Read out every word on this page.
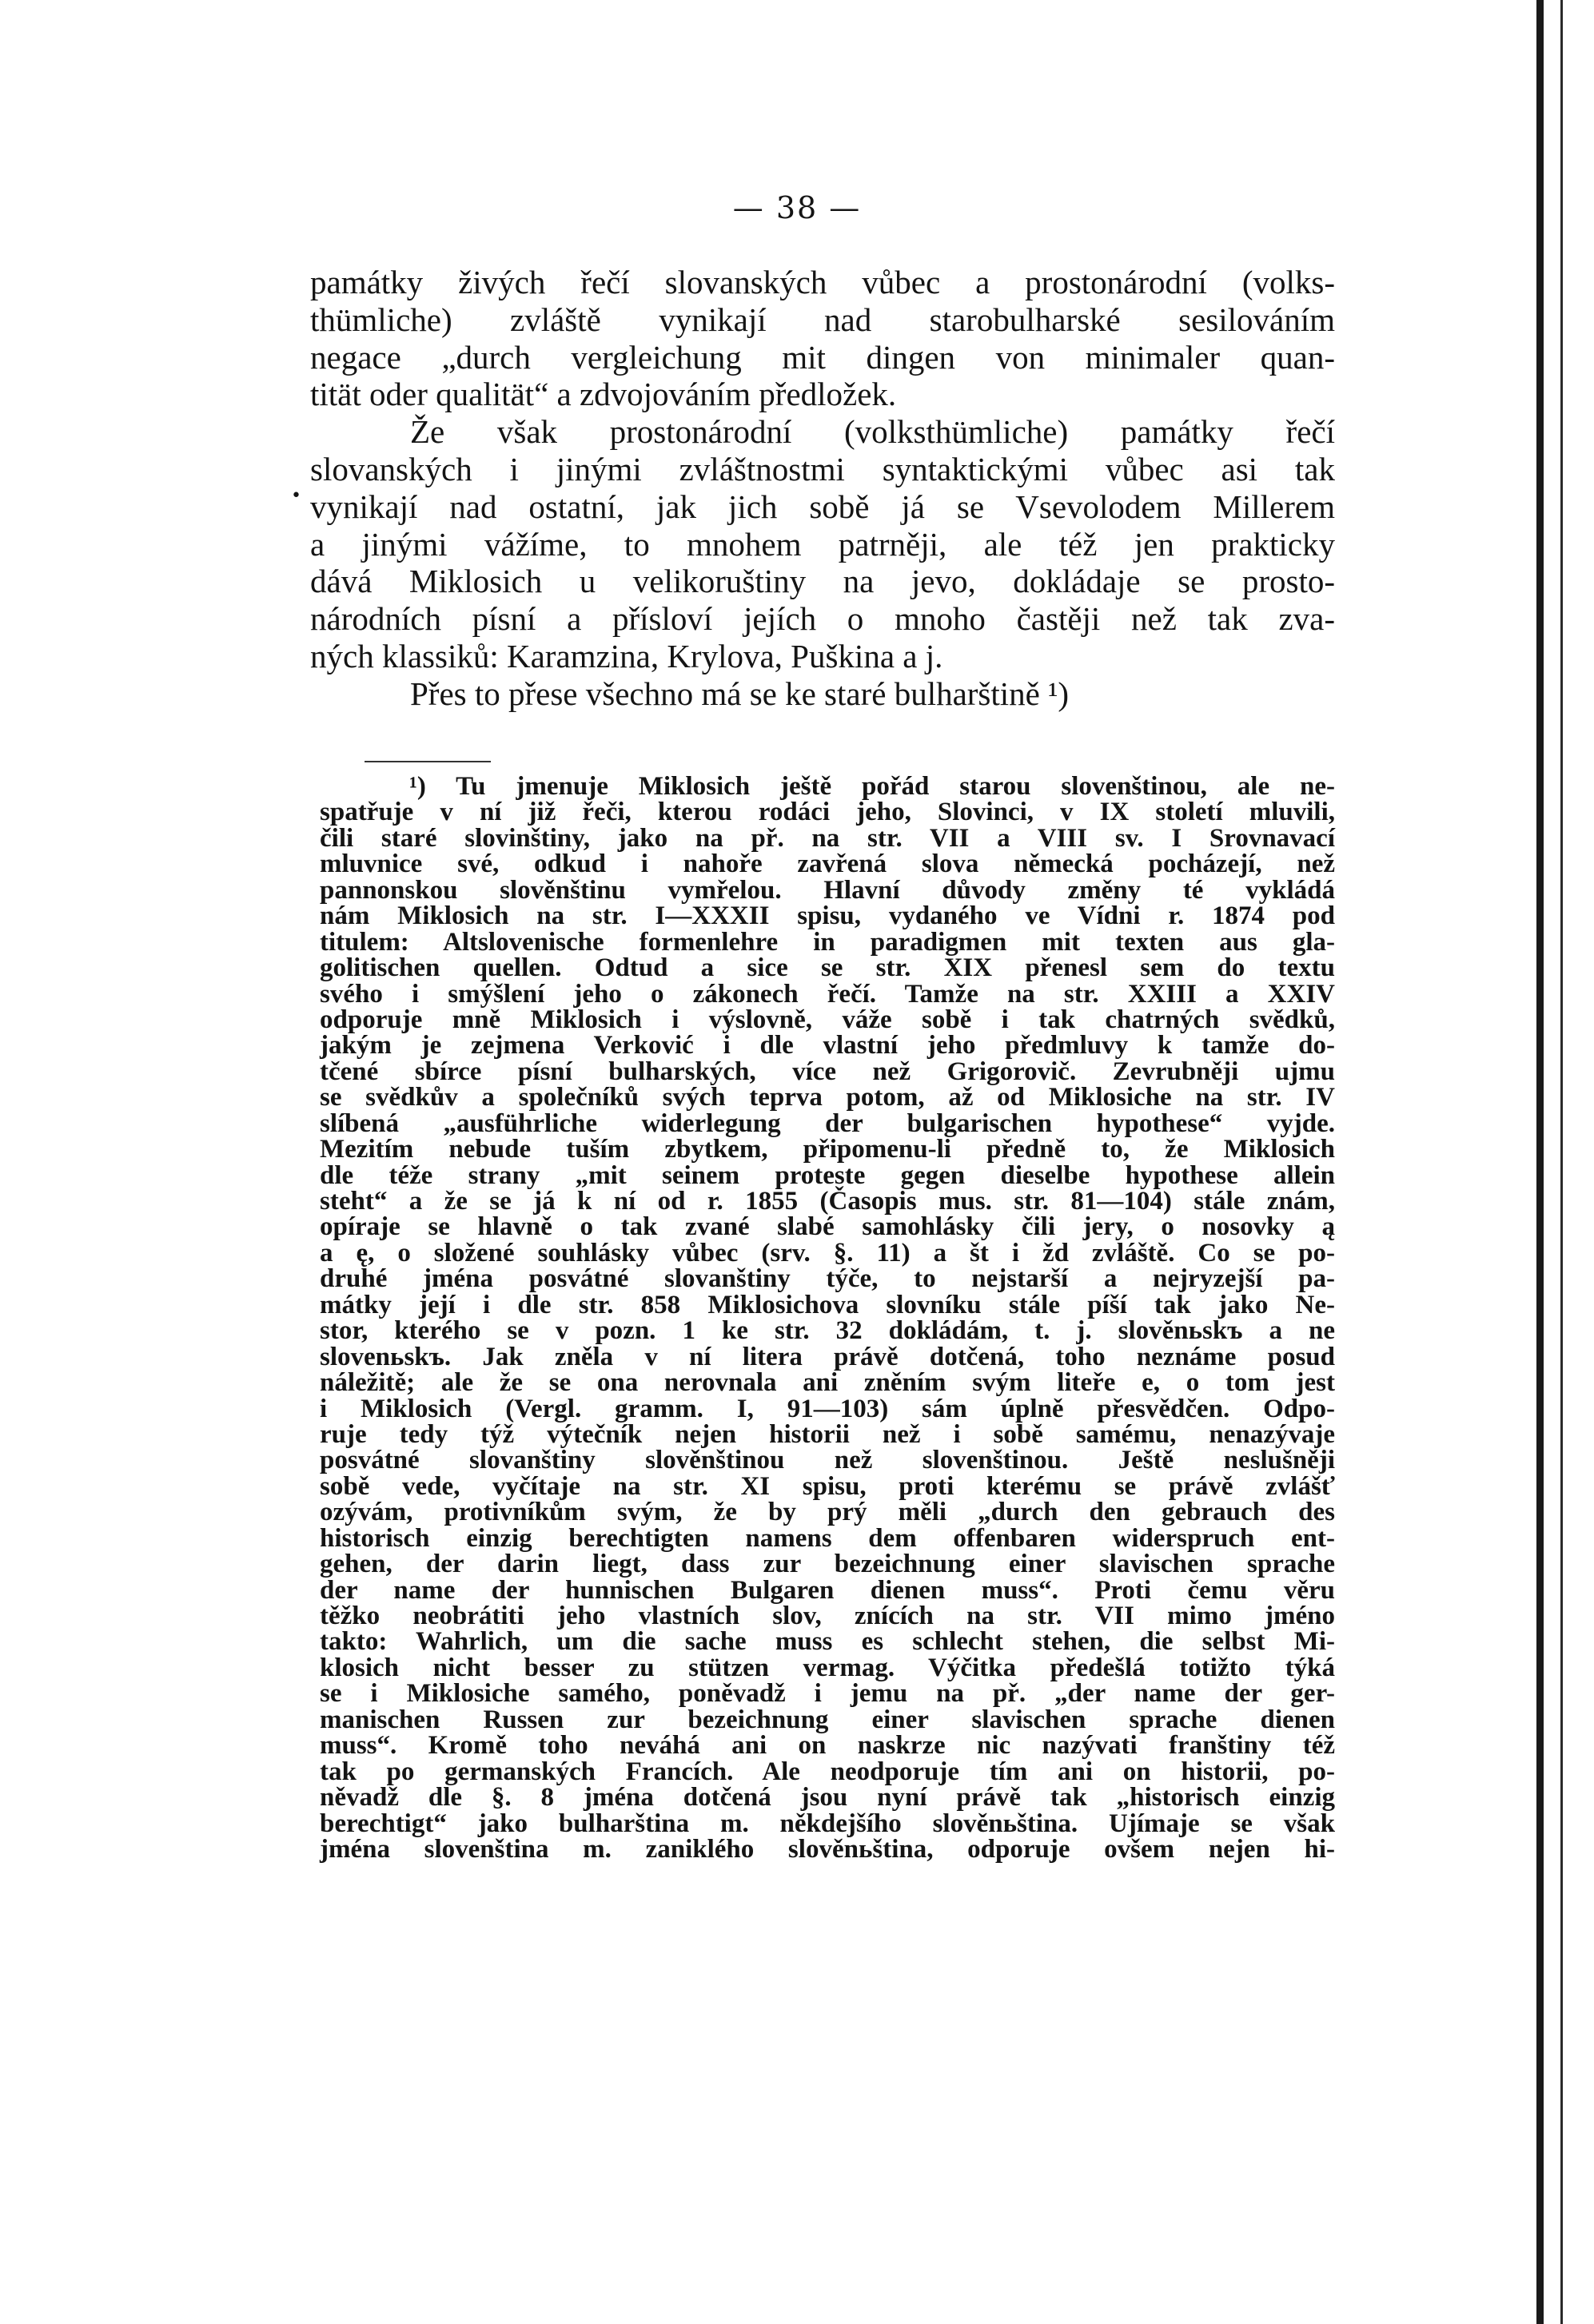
— 38 —
•
památky živých řečí slovanských vůbec a prostonárodní (volks-
thümliche) zvláště vynikají nad starobulharské sesilováním
negace „durch vergleichung mit dingen von minimaler quan-
tität oder qualität“ a zdvojováním předložek.
Že však prostonárodní (volksthümliche) památky řečí
slovanských i jinými zvláštnostmi syntaktickými vůbec asi tak
vynikají nad ostatní, jak jich sobě já se Vsevolodem Millerem
a jinými vážíme, to mnohem patrněji, ale též jen prakticky
dává Miklosich u velikoruštiny na jevo, dokládaje se prosto-
národních písní a přísloví jejích o mnoho častěji než tak zva-
ných klassiků: Karamzina, Krylova, Puškina a j.
Přes to přese všechno má se ke staré bulharštině ¹)
¹) Tu jmenuje Miklosich ještě pořád starou slovenštinou, ale ne-
spatřuje v ní již řeči, kterou rodáci jeho, Slovinci, v IX století mluvili,
čili staré slovinštiny, jako na př. na str. VII a VIII sv. I Srovnavací
mluvnice své, odkud i nahoře zavřená slova německá pocházejí, než
pannonskou slověnštinu vymřelou. Hlavní důvody změny té vykládá
nám Miklosich na str. I—XXXII spisu, vydaného ve Vídni r. 1874 pod
titulem: Altslovenische formenlehre in paradigmen mit texten aus gla-
golitischen quellen. Odtud a sice se str. XIX přenesl sem do textu
svého i smýšlení jeho o zákonech řečí. Tamže na str. XXIII a XXIV
odporuje mně Miklosich i výslovně, váže sobě i tak chatrných svědků,
jakým je zejmena Verković i dle vlastní jeho předmluvy k tamže do-
tčené sbírce písní bulharských, více než Grigorovič. Zevrubněji ujmu
se svědkův a společníků svých teprva potom, až od Miklosiche na str. IV
slíbená „ausführliche widerlegung der bulgarischen hypothese“ vyjde.
Mezitím nebude tuším zbytkem, připomenu-li předně to, že Miklosich
dle téže strany „mit seinem proteste gegen dieselbe hypothese allein
steht“ a že se já k ní od r. 1855 (Časopis mus. str. 81—104) stále znám,
opíraje se hlavně o tak zvané slabé samohlásky čili jery, o nosovky ą
a ę, o složené souhlásky vůbec (srv. §. 11) a št i žd zvláště. Co se po-
druhé jména posvátné slovanštiny týče, to nejstarší a nejryzejší pa-
mátky její i dle str. 858 Miklosichova slovníku stále píší tak jako Ne-
stor, kterého se v pozn. 1 ke str. 32 dokládám, t. j. slověnьskъ a ne
slovenьskъ. Jak zněla v ní litera právě dotčená, toho neznáme posud
náležitě; ale že se ona nerovnala ani zněním svým liteře e, o tom jest
i Miklosich (Vergl. gramm. I, 91—103) sám úplně přesvědčen. Odpo-
ruje tedy týž výtečník nejen historii než i sobě samému, nenazývaje
posvátné slovanštiny slověnštinou než slovenštinou. Ještě neslušněji
sobě vede, vyčítaje na str. XI spisu, proti kterému se právě zvlášť
ozývám, protivníkům svým, že by prý měli „durch den gebrauch des
historisch einzig berechtigten namens dem offenbaren widerspruch ent-
gehen, der darin liegt, dass zur bezeichnung einer slavischen sprache
der name der hunnischen Bulgaren dienen muss“. Proti čemu věru
těžko neobrátiti jeho vlastních slov, znících na str. VII mimo jméno
takto: Wahrlich, um die sache muss es schlecht stehen, die selbst Mi-
klosich nicht besser zu stützen vermag. Výčitka předešlá totižto týká
se i Miklosiche samého, poněvadž i jemu na př. „der name der ger-
manischen Russen zur bezeichnung einer slavischen sprache dienen
muss“. Kromě toho neváhá ani on naskrze nic nazývati franštiny též
tak po germanských Francích. Ale neodporuje tím ani on historii, po-
něvadž dle §. 8 jména dotčená jsou nyní právě tak „historisch einzig
berechtigt“ jako bulharština m. někdejšího slověnьština. Ujímaje se však
jména slovenština m. zaniklého slověnьština, odporuje ovšem nejen hi-
